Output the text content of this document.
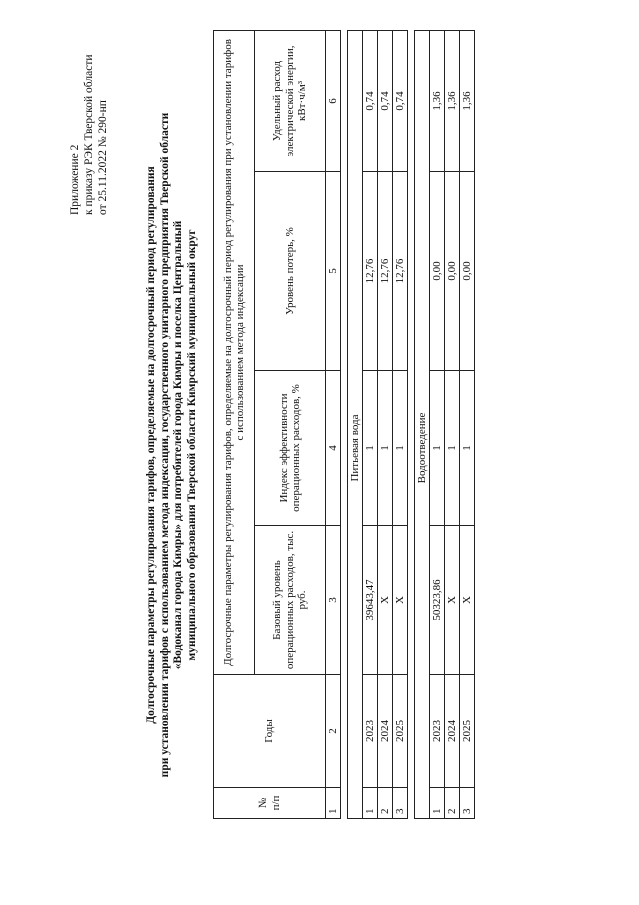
Приложение 2 к приказу РЭК Тверской области от 25.11.2022 № 290-нп
Долгосрочные параметры регулирования тарифов, определяемые на долгосрочный период регулирования при установлении тарифов с использованием метода индексации, государственного унитарного предприятия Тверской области «Водоканал города Кимры» для потребителей города Кимры и поселка Центральный муниципального образования Тверской области Кимрский муниципальный округ
№ п/п	Годы	Долгосрочные параметры регулирования тарифов, определяемые на долгосрочный период регулирования при установлении тарифов с использованием метода индексации			
		Базовый уровень операционных расходов, тыс. руб.	Индекс эффективности операционных расходов, %	Уровень потерь, %	Удельный расход электрической энергии, кВт·ч/м³
1	2	3	4	5	6

			Питьевая вода		
1	2023	39643,47	1	12,76	0,74
2	2024	X	1	12,76	0,74
3	2025	X	1	12,76	0,74

			Водоотведение		
1	2023	50323,86	1	0,00	1,36
2	2024	X	1	0,00	1,36
3	2025	X	1	0,00	1,36
